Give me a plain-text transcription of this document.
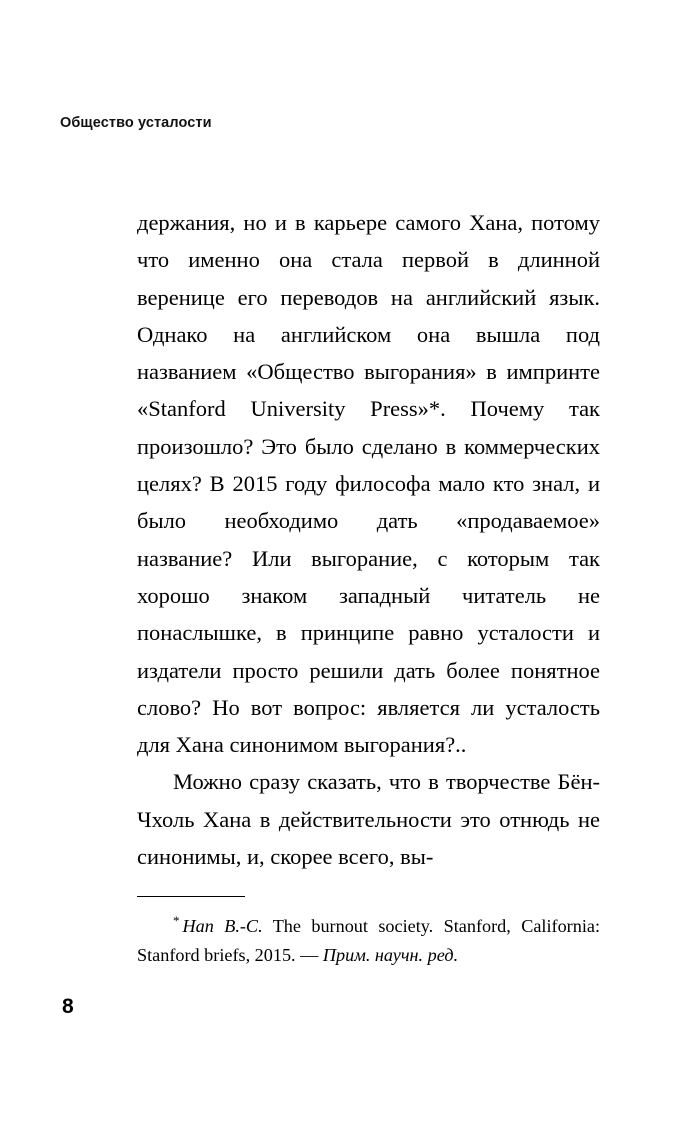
Общество усталости

держания, но и в карьере самого Хана, потому что именно она стала первой в длинной веренице его переводов на английский язык. Однако на английском она вышла под названием «Общество выгорания» в импринте «Stanford University Press»*. Почему так произошло? Это было сделано в коммерческих целях? В 2015 году философа мало кто знал, и было необходимо дать «продаваемое» название? Или выгорание, с которым так хорошо знаком западный читатель не понаслышке, в принципе равно усталости и издатели просто решили дать более понятное слово? Но вот вопрос: является ли усталость для Хана синонимом выгорания?..

Можно сразу сказать, что в творчестве Бён-Чхоль Хана в действительности это отнюдь не синонимы, и, скорее всего, вы-

* Han B.-C. The burnout society. Stanford, California: Stanford briefs, 2015. — Прим. научн. ред.
8
